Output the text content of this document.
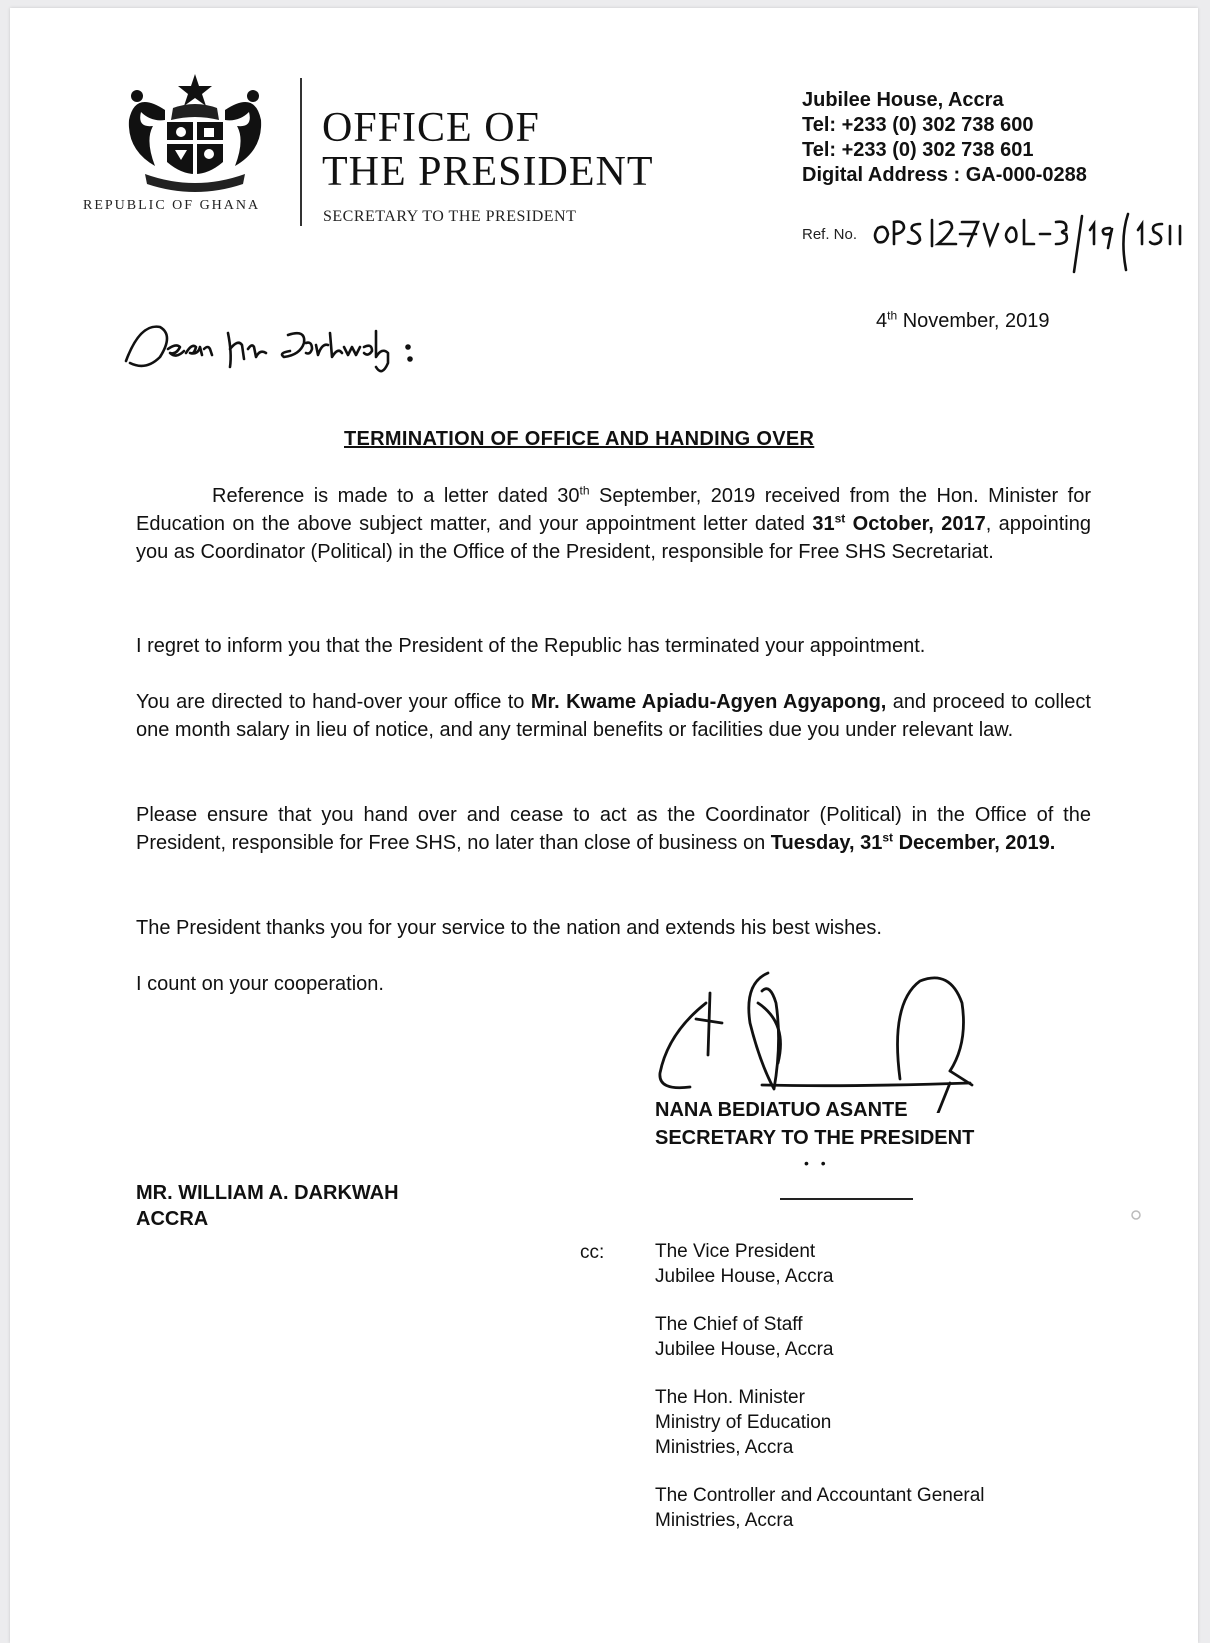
REPUBLIC OF GHANA
OFFICE OF
THE PRESIDENT
SECRETARY TO THE PRESIDENT
Jubilee House, Accra
Tel: +233 (0) 302 738 600
Tel: +233 (0) 302 738 601
Digital Address : GA-000-0288
Ref. No.
4th November, 2019
TERMINATION OF OFFICE AND HANDING OVER
Reference is made to a letter dated 30th September, 2019 received from the Hon. Minister for Education on the above subject matter, and your appointment letter dated 31st October, 2017, appointing you as Coordinator (Political) in the Office of the President, responsible for Free SHS Secretariat.
I regret to inform you that the President of the Republic has terminated your appointment.
You are directed to hand-over your office to Mr. Kwame Apiadu-Agyen Agyapong, and proceed to collect one month salary in lieu of notice, and any terminal benefits or facilities due you under relevant law.
Please ensure that you hand over and cease to act as the Coordinator (Political) in the Office of the President, responsible for Free SHS, no later than close of business on Tuesday, 31st December, 2019.
The President thanks you for your service to the nation and extends his best wishes.
I count on your cooperation.
NANA BEDIATUO ASANTE
SECRETARY TO THE PRESIDENT
• •
MR. WILLIAM A. DARKWAH
ACCRA
cc:	The Vice President
Jubilee House, Accra
The Chief of Staff
Jubilee House, Accra
The Hon. Minister
Ministry of Education
Ministries, Accra
The Controller and Accountant General
Ministries, Accra
